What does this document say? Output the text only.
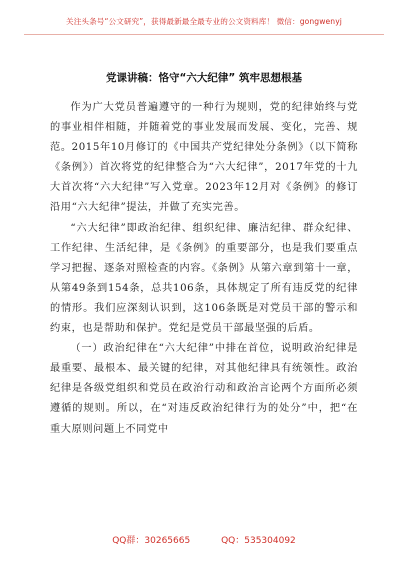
关注头条号“公文研究”，获得最新最全最专业的公文资料库！ 微信：gongwenyj
党课讲稿：恪守“六大纪律” 筑牢思想根基

作为广大党员普遍遵守的一种行为规则，党的纪律始终与党的事业相伴相随，并随着党的事业发展而发展、变化，完善、规范。2015年10月修订的《中国共产党纪律处分条例》（以下简称《条例》）首次将党的纪律整合为“六大纪律”，2017年党的十九大首次将“六大纪律”写入党章。2023年12月对《条例》的修订沿用“六大纪律”提法，并做了充实完善。

“六大纪律”即政治纪律、组织纪律、廉洁纪律、群众纪律、工作纪律、生活纪律，是《条例》的重要部分，也是我们要重点学习把握、逐条对照检查的内容。《条例》从第六章到第十一章，从第49条到154条，总共106条，具体规定了所有违反党的纪律的情形。我们应深刻认识到，这106条既是对党员干部的警示和约束，也是帮助和保护。党纪是党员干部最坚强的后盾。

（一）政治纪律在“六大纪律”中排在首位，说明政治纪律是最重要、最根本、最关键的纪律，对其他纪律具有统领性。政治纪律是各级党组织和党员在政治行动和政治言论两个方面所必须遵循的规则。所以，在“对违反政治纪律行为的处分”中，把“在重大原则问题上不同党中

QQ群：30265665	QQ：535304092
